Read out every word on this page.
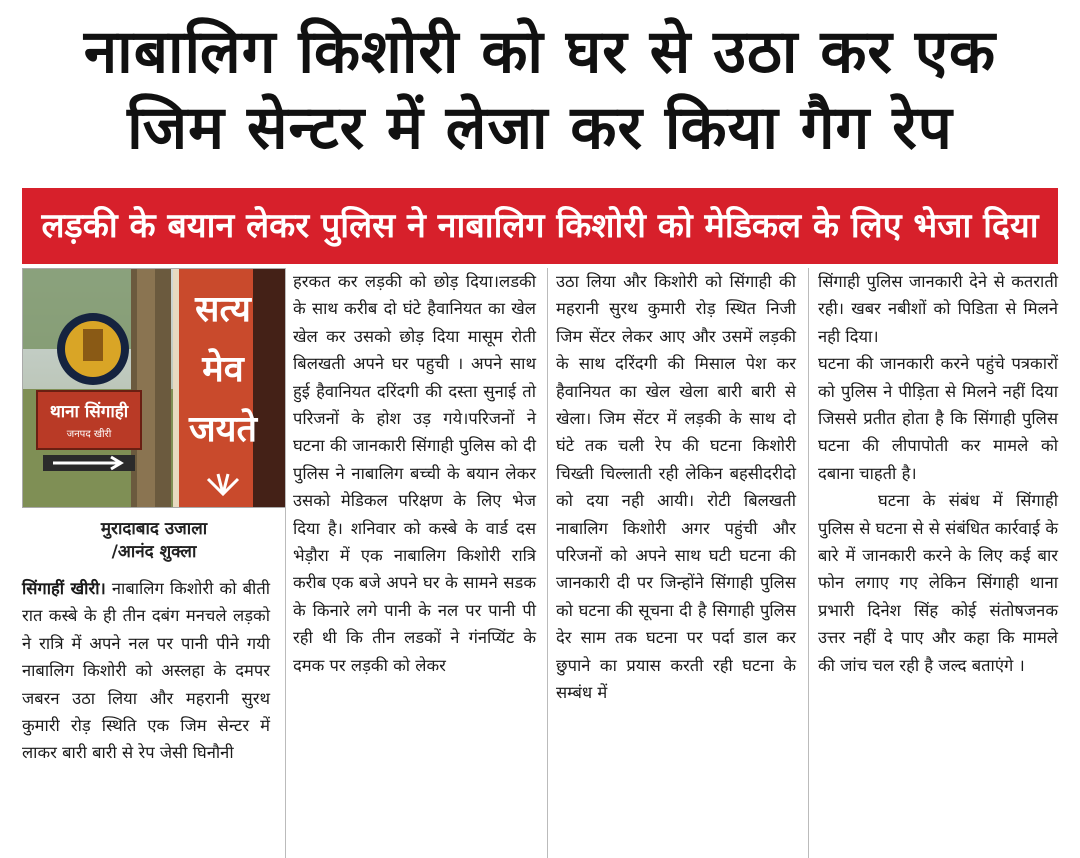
नाबालिग किशोरी को घर से उठा कर एक
जिम सेन्टर में लेजा कर किया गैग रेप
लड़की के बयान लेकर पुलिस ने नाबालिग किशोरी को मेडिकल के लिए भेजा दिया
थाना सिंगाही
जनपद खीरी
सत्य
मेव
जयते
मुरादाबाद उजाला
/आनंद शुक्ला

सिंगाहीं खीरी। नाबालिग किशोरी को बीती रात कस्बे के ही तीन दबंग मनचले लड़को ने रात्रि में अपने नल पर पानी पीने गयी नाबालिग किशोरी को अस्लहा के दमपर जबरन उठा लिया और महरानी सुरथ कुमारी रोड़ स्थिति एक जिम सेन्टर में लाकर बारी बारी से रेप जेसी घिनौनी

हरकत कर लड़की को छोड़ दिया।लडकी के साथ करीब दो घंटे हैवानियत का खेल खेल कर उसको छोड़ दिया मासूम रोती बिलखती अपने घर पहुची । अपने साथ हुई हैवानियत दरिंदगी की दस्ता सुनाई तो परिजनों के होश उड़ गये।परिजनों ने घटना की जानकारी सिंगाही पुलिस को दी पुलिस ने नाबालिग बच्ची के बयान लेकर उसको मेडिकल परिक्षण के लिए भेज दिया है। शनिवार को कस्बे के वार्ड दस भेड़ौरा में एक नाबालिग किशोरी रात्रि करीब एक बजे अपने घर के सामने सडक के किनारे लगे पानी के नल पर पानी पी रही थी कि तीन लडकों ने गंनप्यिंट के दमक पर लड़की को लेकर

उठा लिया और किशोरी को सिंगाही की महरानी सुरथ कुमारी रोड़ स्थित निजी जिम सेंटर लेकर आए और उसमें लड़की के साथ दरिंदगी की मिसाल पेश कर हैवानियत का खेल खेला बारी बारी से खेला। जिम सेंटर में लड़की के साथ दो घंटे तक चली रेप की घटना किशोरी चिख्ती चिल्लाती रही लेकिन बहसीदरीदो को दया नही आयी। रोटी बिलखती नाबालिग किशोरी अगर पहुंची और परिजनों को अपने साथ घटी घटना की जानकारी दी पर जिन्होंने सिंगाही पुलिस को घटना की सूचना दी है सिगाही पुलिस देर साम तक घटना पर पर्दा डाल कर छुपाने का प्रयास करती रही घटना के सम्बंध में

सिंगाही पुलिस जानकारी देने से कतराती रही। खबर नबीशों को पिडिता से मिलने नही दिया।

घटना की जानकारी करने पहुंचे पत्रकारों को पुलिस ने पीड़िता से मिलने नहीं दिया जिससे प्रतीत होता है कि सिंगाही पुलिस घटना की लीपापोती कर मामले को दबाना चाहती है।

घटना के संबंध में सिंगाही पुलिस से घटना से से संबंधित कार्रवाई के बारे में जानकारी करने के लिए कई बार फोन लगाए गए लेकिन सिंगाही थाना प्रभारी दिनेश सिंह कोई संतोषजनक उत्तर नहीं दे पाए और कहा कि मामले की जांच चल रही है जल्द बताएंगे ।
